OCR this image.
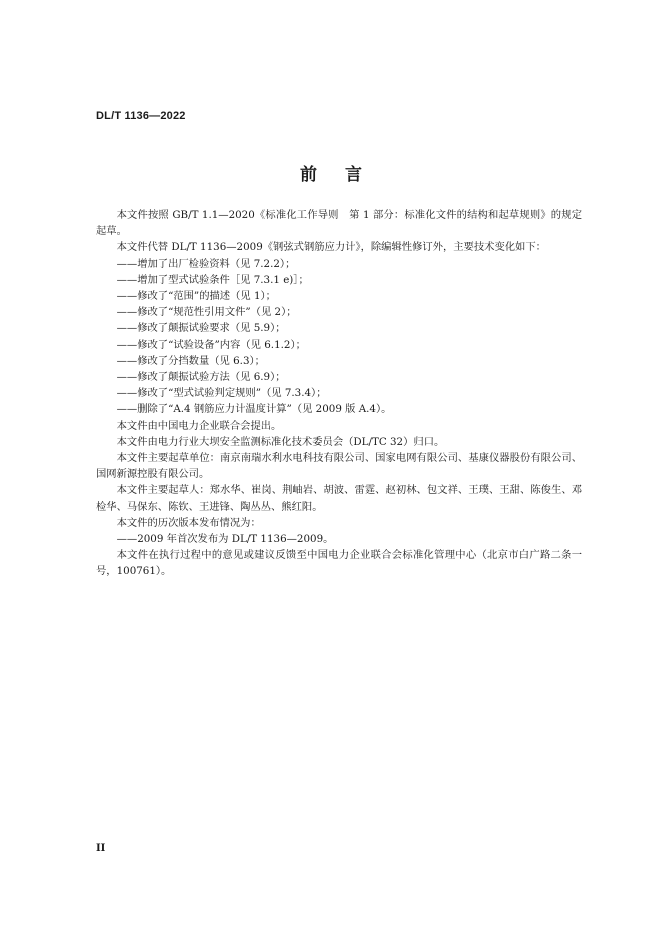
DL/T 1136—2022
前言

本文件按照 GB/T 1.1—2020《标准化工作导则　第 1 部分：标准化文件的结构和起草规则》的规定起草。

本文件代替 DL/T 1136—2009《钢弦式钢筋应力计》，除编辑性修订外，主要技术变化如下：

——增加了出厂检验资料（见 7.2.2）；

——增加了型式试验条件［见 7.3.1 e)］；

——修改了“范围”的描述（见 1）；

——修改了“规范性引用文件”（见 2）；

——修改了颠振试验要求（见 5.9）；

——修改了“试验设备”内容（见 6.1.2）；

——修改了分挡数量（见 6.3）；

——修改了颠振试验方法（见 6.9）；

——修改了“型式试验判定规则”（见 7.3.4）；

——删除了“A.4 钢筋应力计温度计算”（见 2009 版 A.4）。

本文件由中国电力企业联合会提出。

本文件由电力行业大坝安全监测标准化技术委员会（DL/TC 32）归口。

本文件主要起草单位：南京南瑞水利水电科技有限公司、国家电网有限公司、基康仪器股份有限公司、国网新源控股有限公司。

本文件主要起草人：郑水华、崔岗、荆岫岩、胡波、雷霆、赵初林、包文祥、王璞、王甜、陈俊生、邓检华、马保东、陈钦、王进锋、陶丛丛、熊红阳。

本文件的历次版本发布情况为：

——2009 年首次发布为 DL/T 1136—2009。

本文件在执行过程中的意见或建议反馈至中国电力企业联合会标准化管理中心（北京市白广路二条一号，100761）。

II
